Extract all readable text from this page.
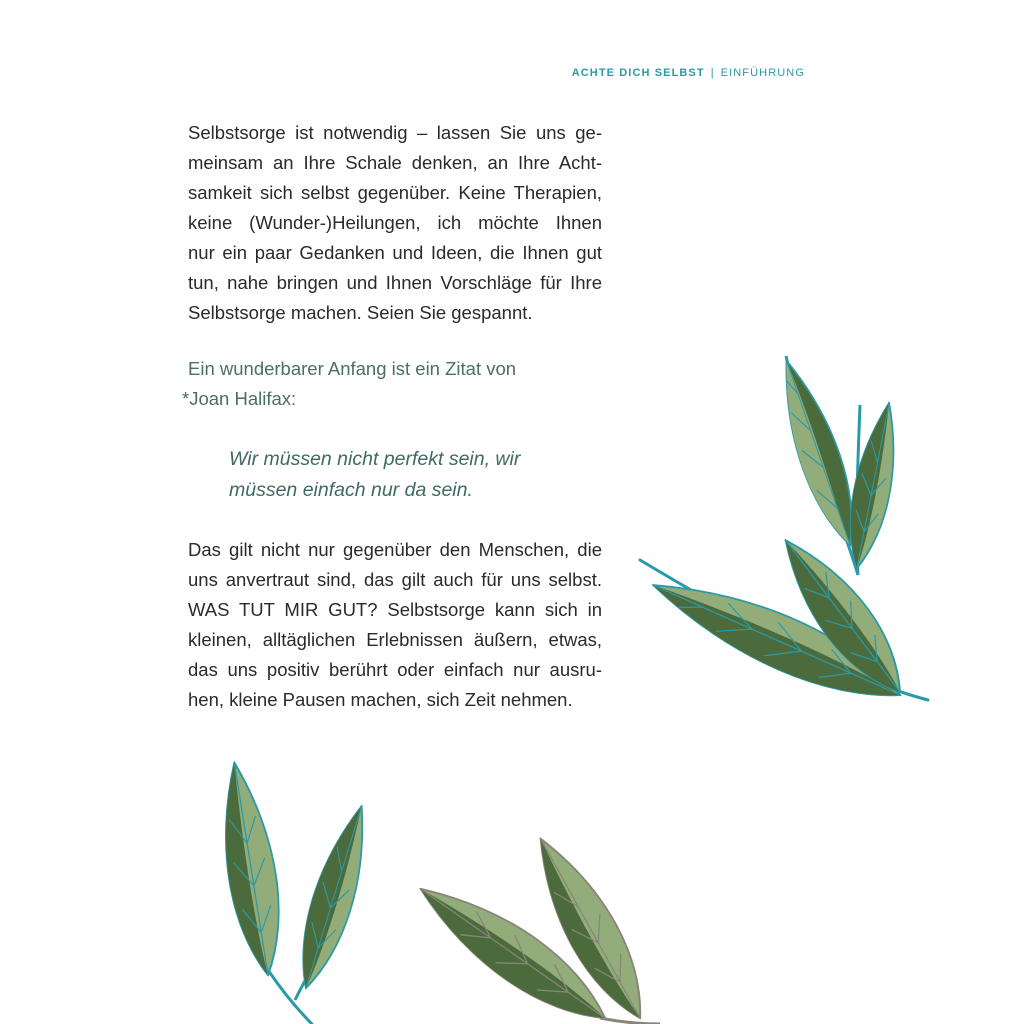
ACHTE DICH SELBST | EINFÜHRUNG
Selbstsorge ist notwendig – lassen Sie uns ge-
meinsam an Ihre Schale denken, an Ihre Acht-
samkeit sich selbst gegenüber. Keine Therapien,
keine (Wunder-)Heilungen, ich möchte Ihnen
nur ein paar Gedanken und Ideen, die Ihnen gut
tun, nahe bringen und Ihnen Vorschläge für Ihre
Selbstsorge machen. Seien Sie gespannt.
Ein wunderbarer Anfang ist ein Zitat von
*Joan Halifax:
Wir müssen nicht perfekt sein, wir
müssen einfach nur da sein.
Das gilt nicht nur gegenüber den Menschen, die
uns anvertraut sind, das gilt auch für uns selbst.
WAS TUT MIR GUT? Selbstsorge kann sich in
kleinen, alltäglichen Erlebnissen äußern, etwas,
das uns positiv berührt oder einfach nur ausru-
hen, kleine Pausen machen, sich Zeit nehmen.
